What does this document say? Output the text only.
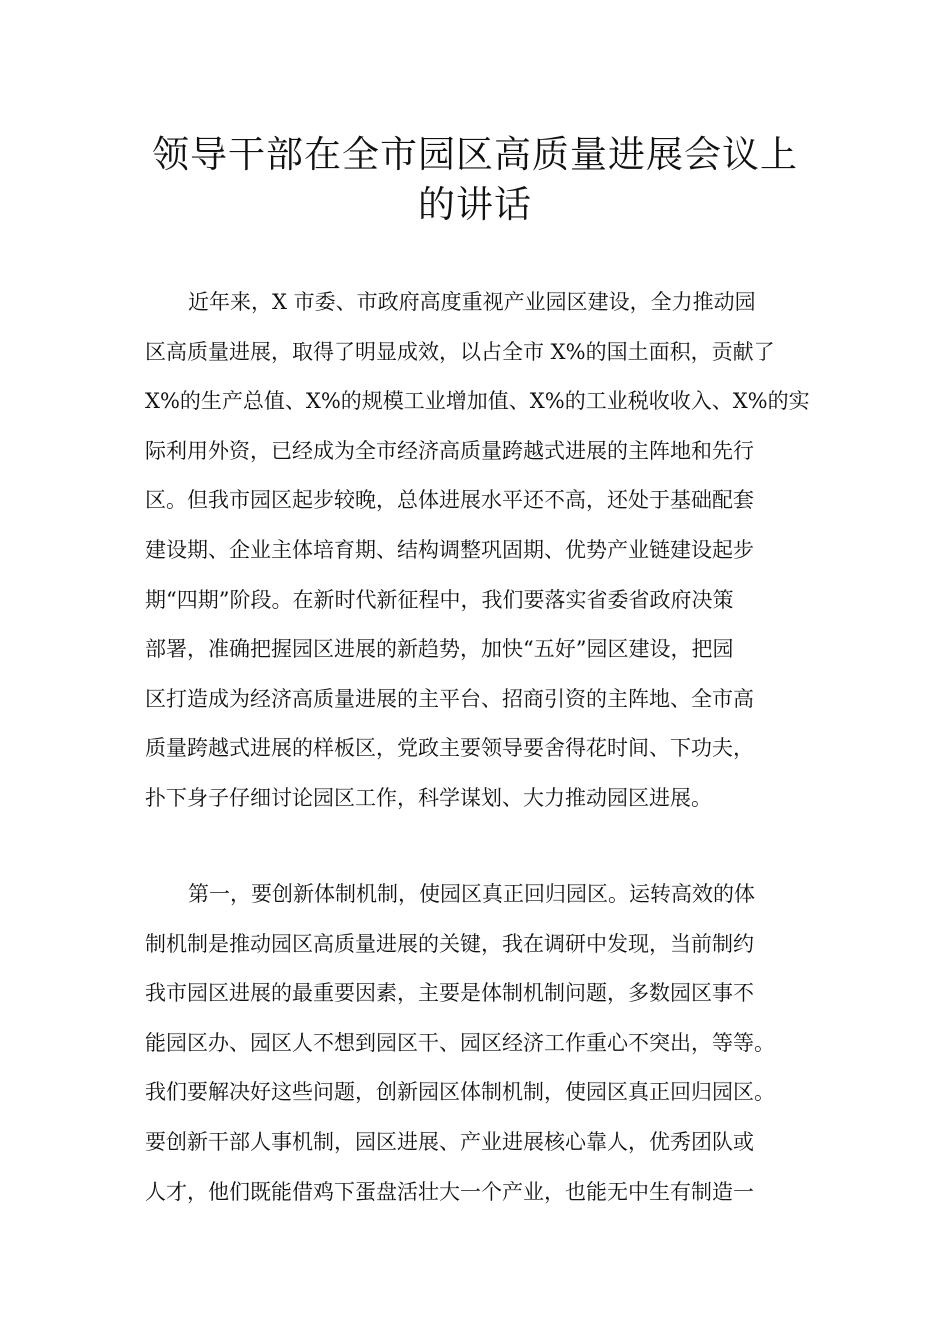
领导干部在全市园区高质量进展会议上
的讲话
近年来，X 市委、市政府高度重视产业园区建设，全力推动园
区高质量进展，取得了明显成效，以占全市 X%的国土面积，贡献了
X%的生产总值、X%的规模工业增加值、X%的工业税收收入、X%的实
际利用外资，已经成为全市经济高质量跨越式进展的主阵地和先行
区。但我市园区起步较晚，总体进展水平还不高，还处于基础配套
建设期、企业主体培育期、结构调整巩固期、优势产业链建设起步
期“四期”阶段。在新时代新征程中，我们要落实省委省政府决策
部署，准确把握园区进展的新趋势，加快“五好”园区建设，把园
区打造成为经济高质量进展的主平台、招商引资的主阵地、全市高
质量跨越式进展的样板区，党政主要领导要舍得花时间、下功夫，
扑下身子仔细讨论园区工作，科学谋划、大力推动园区进展。
第一，要创新体制机制，使园区真正回归园区。运转高效的体
制机制是推动园区高质量进展的关键，我在调研中发现，当前制约
我市园区进展的最重要因素，主要是体制机制问题，多数园区事不
能园区办、园区人不想到园区干、园区经济工作重心不突出，等等。
我们要解决好这些问题，创新园区体制机制，使园区真正回归园区。
要创新干部人事机制，园区进展、产业进展核心靠人，优秀团队或
人才，他们既能借鸡下蛋盘活壮大一个产业，也能无中生有制造一
